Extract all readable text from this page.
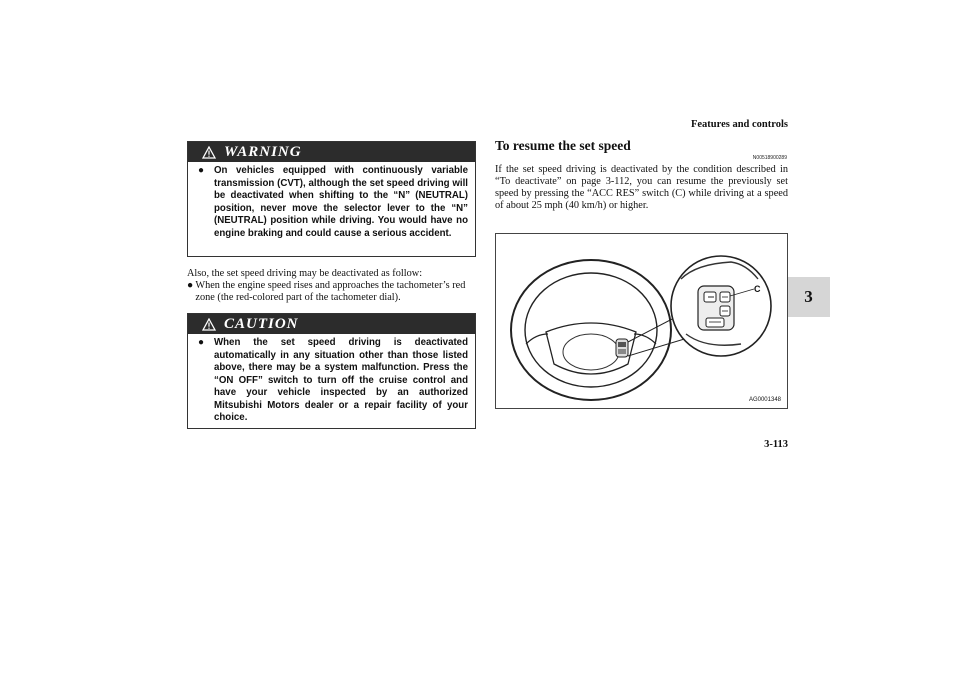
Features and controls
3
WARNING
●	On vehicles equipped with continuously variable transmission (CVT), although the set speed driving will be deactivated when shifting to the “N” (NEUTRAL) position, never move the selector lever to the “N” (NEUTRAL) position while driving. You would have no engine braking and could cause a serious accident.
Also, the set speed driving may be deactivated as follow:
● When the engine speed rises and approaches the tachometer’s red zone (the red-colored part of the tachometer dial).
CAUTION
●	When the set speed driving is deactivated automatically in any situation other than those listed above, there may be a system malfunction. Press the “ON OFF” switch to turn off the cruise control and have your vehicle inspected by an authorized Mitsubishi Motors dealer or a repair facility of your choice.
To resume the set speed
N00518900289
If the set speed driving is deactivated by the condition described in “To deactivate” on page 3-112, you can resume the previously set speed by pressing the “ACC RES” switch (C) while driving at a speed of about 25 mph (40 km/h) or higher.
C
AG0001348
3-113
